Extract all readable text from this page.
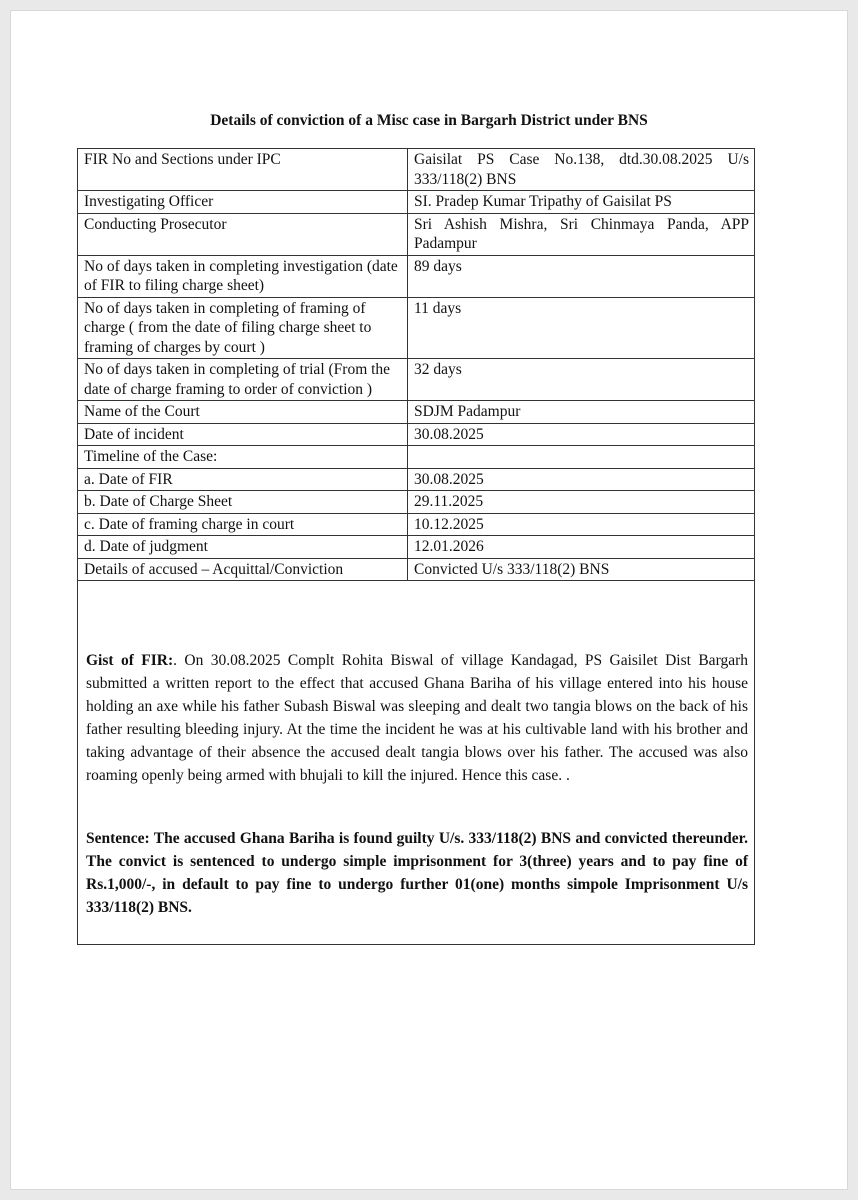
Details of conviction of a Misc case in Bargarh District under BNS
FIR No and Sections under IPC	Gaisilat PS Case No.138, dtd.30.08.2025 U/s 333/118(2) BNS
Investigating Officer	SI. Pradep Kumar Tripathy of Gaisilat PS
Conducting Prosecutor	Sri Ashish Mishra, Sri Chinmaya Panda, APP Padampur
No of days taken in completing investigation (date of FIR to filing charge sheet)	89 days
No of days taken in completing of framing of charge ( from the date of filing charge sheet to framing of charges by court )	11 days
No of days taken in completing of trial (From the date of charge framing to order of conviction )	32 days
Name of the Court	SDJM Padampur
Date of incident	30.08.2025
Timeline of the Case:	
a. Date of FIR	30.08.2025
b. Date of Charge Sheet	29.11.2025
c. Date of framing charge in court	10.12.2025
d. Date of judgment	12.01.2026
Details of accused – Acquittal/Conviction	Convicted U/s 333/118(2) BNS

Gist of FIR:. On 30.08.2025 Complt Rohita Biswal of village Kandagad, PS Gaisilet Dist Bargarh submitted a written report to the effect that accused Ghana Bariha of his village entered into his house holding an axe while his father Subash Biswal was sleeping and dealt two tangia blows on the back of his father resulting bleeding injury. At the time the incident he was at his cultivable land with his brother and taking advantage of their absence the accused dealt tangia blows over his father. The accused was also roaming openly being armed with bhujali to kill the injured. Hence this case. .

Sentence: The accused Ghana Bariha is found guilty U/s. 333/118(2) BNS and convicted thereunder. The convict is sentenced to undergo simple imprisonment for 3(three) years and to pay fine of Rs.1,000/-, in default to pay fine to undergo further 01(one) months simpole Imprisonment U/s 333/118(2) BNS.
